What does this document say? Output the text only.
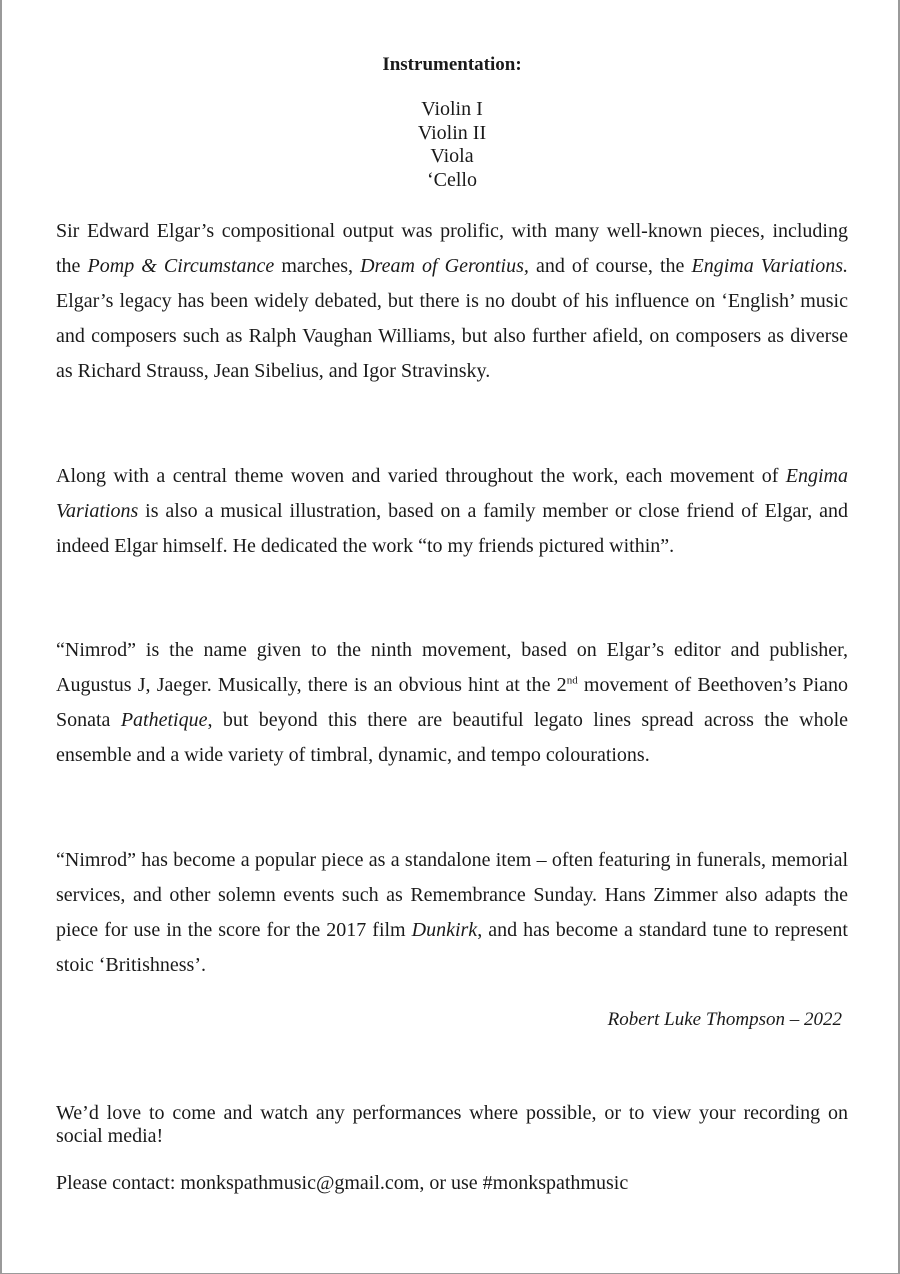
Instrumentation:
Violin I
Violin II
Viola
‘Cello

Sir Edward Elgar’s compositional output was prolific, with many well-known pieces, including the Pomp & Circumstance marches, Dream of Gerontius, and of course, the Engima Variations. Elgar’s legacy has been widely debated, but there is no doubt of his influence on ‘English’ music and composers such as Ralph Vaughan Williams, but also further afield, on composers as diverse as Richard Strauss, Jean Sibelius, and Igor Stravinsky.

Along with a central theme woven and varied throughout the work, each movement of Engima Variations is also a musical illustration, based on a family member or close friend of Elgar, and indeed Elgar himself. He dedicated the work “to my friends pictured within”.

“Nimrod” is the name given to the ninth movement, based on Elgar’s editor and publisher, Augustus J, Jaeger. Musically, there is an obvious hint at the 2nd movement of Beethoven’s Piano Sonata Pathetique, but beyond this there are beautiful legato lines spread across the whole ensemble and a wide variety of timbral, dynamic, and tempo colourations.

“Nimrod” has become a popular piece as a standalone item – often featuring in funerals, memorial services, and other solemn events such as Remembrance Sunday. Hans Zimmer also adapts the piece for use in the score for the 2017 film Dunkirk, and has become a standard tune to represent stoic ‘Britishness’.

Robert Luke Thompson – 2022

We’d love to come and watch any performances where possible, or to view your recording on social media!

Please contact: monkspathmusic@gmail.com, or use #monkspathmusic
